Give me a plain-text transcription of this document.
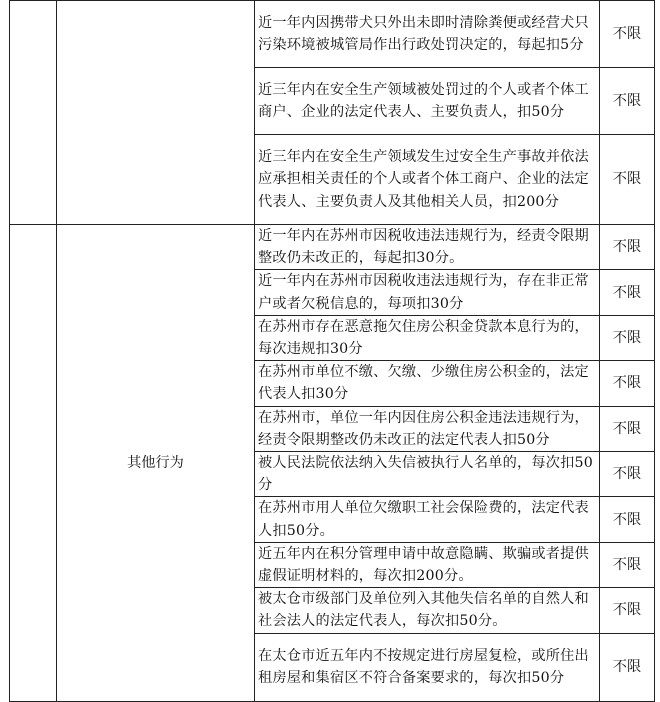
		近一年内因携带犬只外出未即时清除粪便或经营犬只污染环境被城管局作出行政处罚决定的，每起扣5分	不限
		近三年内在安全生产领域被处罚过的个人或者个体工商户、企业的法定代表人、主要负责人，扣50分	不限
		近三年内在安全生产领域发生过安全生产事故并依法应承担相关责任的个人或者个体工商户、企业的法定代表人、主要负责人及其他相关人员，扣200分	不限
	其他行为	近一年内在苏州市因税收违法违规行为，经责令限期整改仍未改正的，每起扣30分。	不限
		近一年内在苏州市因税收违法违规行为，存在非正常户或者欠税信息的，每项扣30分	不限
		在苏州市存在恶意拖欠住房公积金贷款本息行为的，每次违规扣30分	不限
		在苏州市单位不缴、欠缴、少缴住房公积金的，法定代表人扣30分	不限
		在苏州市，单位一年内因住房公积金违法违规行为，经责令限期整改仍未改正的法定代表人扣50分	不限
		被人民法院依法纳入失信被执行人名单的，每次扣50分	不限
		在苏州市用人单位欠缴职工社会保险费的，法定代表人扣50分。	不限
		近五年内在积分管理申请中故意隐瞒、欺骗或者提供虚假证明材料的，每次扣200分。	不限
		被太仓市级部门及单位列入其他失信名单的自然人和社会法人的法定代表人，每次扣50分。	不限
		在太仓市近五年内不按规定进行房屋复检，或所住出租房屋和集宿区不符合备案要求的，每次扣50分	不限
